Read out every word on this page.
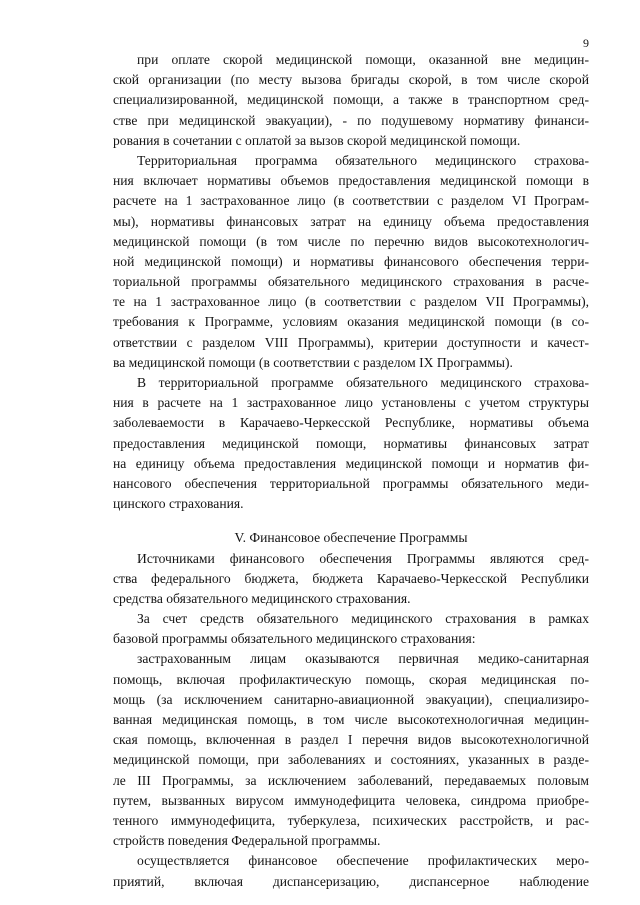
9
при оплате скорой медицинской помощи, оказанной вне медицин-
ской организации (по месту вызова бригады скорой, в том числе скорой
специализированной, медицинской помощи, а также в транспортном сред-
стве при медицинской эвакуации), - по подушевому нормативу финанси-
рования в сочетании с оплатой за вызов скорой медицинской помощи.
Территориальная программа обязательного медицинского страхова-
ния включает нормативы объемов предоставления медицинской помощи в
расчете на 1 застрахованное лицо (в соответствии с разделом VI Програм-
мы), нормативы финансовых затрат на единицу объема предоставления
медицинской помощи (в том числе по перечню видов высокотехнологич-
ной медицинской помощи) и нормативы финансового обеспечения терри-
ториальной программы обязательного медицинского страхования в расче-
те на 1 застрахованное лицо (в соответствии с разделом VII Программы),
требования к Программе, условиям оказания медицинской помощи (в со-
ответствии с разделом VIII Программы), критерии доступности и качест-
ва медицинской помощи (в соответствии с разделом IX Программы).
В территориальной программе обязательного медицинского страхова-
ния в расчете на 1 застрахованное лицо установлены с учетом структуры
заболеваемости в Карачаево-Черкесской Республике, нормативы объема
предоставления медицинской помощи, нормативы финансовых затрат
на единицу объема предоставления медицинской помощи и норматив фи-
нансового обеспечения территориальной программы обязательного меди-
цинского страхования.
V. Финансовое обеспечение Программы
Источниками финансового обеспечения Программы являются сред-
ства федерального бюджета, бюджета Карачаево-Черкесской Республики
средства обязательного медицинского страхования.
За счет средств обязательного медицинского страхования в рамках
базовой программы обязательного медицинского страхования:
застрахованным лицам оказываются первичная медико-санитарная
помощь, включая профилактическую помощь, скорая медицинская по-
мощь (за исключением санитарно-авиационной эвакуации), специализиро-
ванная медицинская помощь, в том числе высокотехнологичная медицин-
ская помощь, включенная в раздел I перечня видов высокотехнологичной
медицинской помощи, при заболеваниях и состояниях, указанных в разде-
ле III Программы, за исключением заболеваний, передаваемых половым
путем, вызванных вирусом иммунодефицита человека, синдрома приобре-
тенного иммунодефицита, туберкулеза, психических расстройств, и рас-
стройств поведения Федеральной программы.
осуществляется финансовое обеспечение профилактических меро-
приятий, включая диспансеризацию, диспансерное наблюдение
